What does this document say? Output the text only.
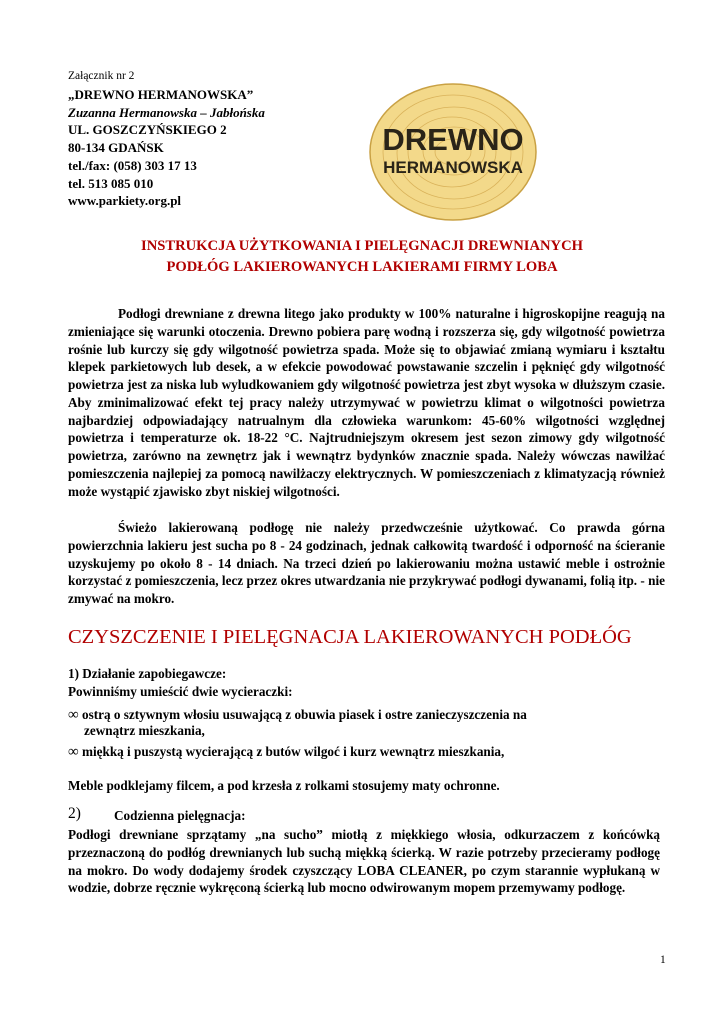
Załącznik nr 2
„DREWNO HERMANOWSKA”
Zuzanna Hermanowska – Jabłońska
UL. GOSZCZYŃSKIEGO 2
80-134 GDAŃSK
tel./fax: (058) 303 17 13
tel. 513 085 010
www.parkiety.org.pl
DREWNO
HERMANOWSKA
INSTRUKCJA UŻYTKOWANIA I PIELĘGNACJI DREWNIANYCH
PODŁÓG LAKIEROWANYCH LAKIERAMI FIRMY LOBA
Podłogi drewniane z drewna litego jako produkty w 100% naturalne i higroskopijne reagują na zmieniające się warunki otoczenia. Drewno pobiera parę wodną i rozszerza się, gdy wilgotność powietrza rośnie lub kurczy się gdy wilgotność powietrza spada. Może się to objawiać zmianą wymiaru i kształtu klepek parkietowych lub desek, a w efekcie powodować powstawanie szczelin i pęknięć gdy wilgotność powietrza jest za niska lub wyludkowaniem gdy wilgotność powietrza jest zbyt wysoka w dłuższym czasie. Aby zminimalizować efekt tej pracy należy utrzymywać w powietrzu klimat o wilgotności powietrza najbardziej odpowiadający natrualnym dla człowieka warunkom: 45-60% wilgotności względnej powietrza i temperaturze ok. 18-22 °C. Najtrudniejszym okresem jest sezon zimowy gdy wilgotność powietrza, zarówno na zewnętrz jak i wewnątrz bydynków znacznie spada. Należy wówczas nawilżać pomieszczenia najlepiej za pomocą nawilżaczy elektrycznych. W pomieszczeniach z klimatyzacją również może wystąpić zjawisko zbyt niskiej wilgotności.
Świeżo lakierowaną podłogę nie należy przedwcześnie użytkować. Co prawda górna powierzchnia lakieru jest sucha po 8 - 24 godzinach, jednak całkowitą twardość i odporność na ścieranie uzyskujemy po około 8 - 14 dniach. Na trzeci dzień po lakierowaniu można ustawić meble i ostrożnie korzystać z pomieszczenia, lecz przez okres utwardzania nie przykrywać podłogi dywanami, folią itp. - nie zmywać na mokro.
CZYSZCZENIE I PIELĘGNACJA LAKIEROWANYCH PODŁÓG
1) Działanie zapobiegawcze:
Powinniśmy umieścić dwie wycieraczki:
∞ ostrą o sztywnym włosiu usuwającą z obuwia piasek i ostre zanieczyszczenia na
zewnątrz mieszkania,
∞ miękką i puszystą wycierającą z butów wilgoć i kurz wewnątrz mieszkania,
Meble podklejamy filcem, a pod krzesła z rolkami stosujemy maty ochronne.
2)	Codzienna pielęgnacja:
Podłogi drewniane sprzątamy „na sucho” miotłą z miękkiego włosia, odkurzaczem z końcówką przeznaczoną do podłóg drewnianych lub suchą miękką ścierką. W razie potrzeby przecieramy podłogę na mokro. Do wody dodajemy środek czyszczący LOBA CLEANER, po czym starannie wypłukaną w wodzie, dobrze ręcznie wykręconą ścierką lub mocno odwirowanym mopem przemywamy podłogę.
1
